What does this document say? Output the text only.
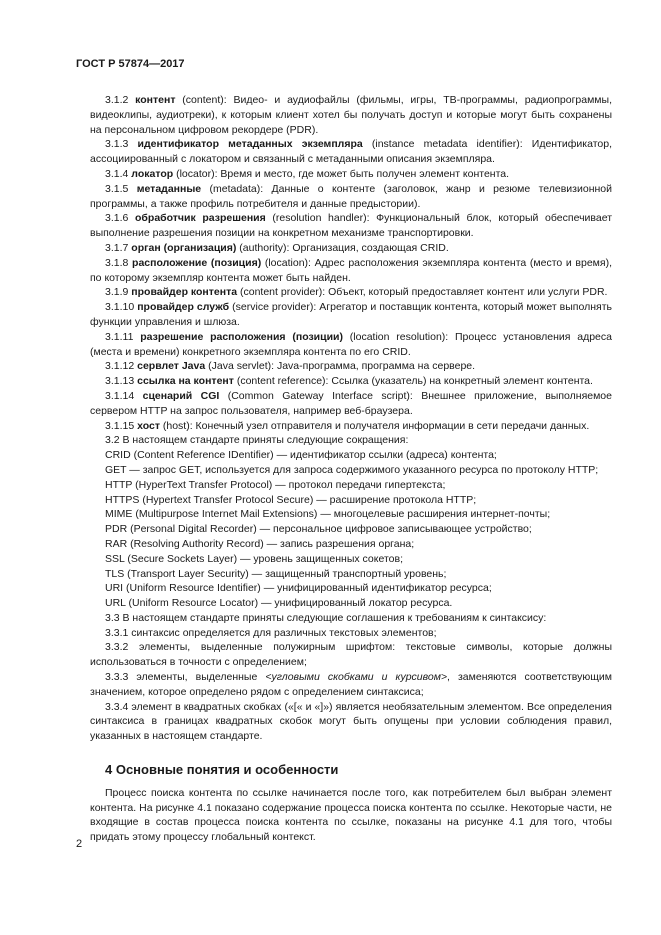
ГОСТ Р 57874—2017

3.1.2 контент (content): Видео- и аудиофайлы (фильмы, игры, ТВ-программы, радиопрограммы, видеоклипы, аудиотреки), к которым клиент хотел бы получать доступ и которые могут быть сохранены на персональном цифровом рекордере (PDR).

3.1.3 идентификатор метаданных экземпляра (instance metadata identifier): Идентификатор, ассоциированный с локатором и связанный с метаданными описания экземпляра.

3.1.4 локатор (locator): Время и место, где может быть получен элемент контента.

3.1.5 метаданные (metadata): Данные о контенте (заголовок, жанр и резюме телевизионной программы, а также профиль потребителя и данные предыстории).

3.1.6 обработчик разрешения (resolution handler): Функциональный блок, который обеспечивает выполнение разрешения позиции на конкретном механизме транспортировки.

3.1.7 орган (организация) (authority): Организация, создающая CRID.

3.1.8 расположение (позиция) (location): Адрес расположения экземпляра контента (место и время), по которому экземпляр контента может быть найден.

3.1.9 провайдер контента (content provider): Объект, который предоставляет контент или услуги PDR.

3.1.10 провайдер служб (service provider): Агрегатор и поставщик контента, который может выполнять функции управления и шлюза.

3.1.11 разрешение расположения (позиции) (location resolution): Процесс установления адреса (места и времени) конкретного экземпляра контента по его CRID.

3.1.12 сервлет Java (Java servlet): Java-программа, программа на сервере.

3.1.13 ссылка на контент (content reference): Ссылка (указатель) на конкретный элемент контента.

3.1.14 сценарий CGI (Common Gateway Interface script): Внешнее приложение, выполняемое сервером HTTP на запрос пользователя, например веб-браузера.

3.1.15 хост (host): Конечный узел отправителя и получателя информации в сети передачи данных.

3.2 В настоящем стандарте приняты следующие сокращения:

CRID (Content Reference IDentifier) — идентификатор ссылки (адреса) контента;

GET — запрос GET, используется для запроса содержимого указанного ресурса по протоколу HTTP;

HTTP (HyperText Transfer Protocol) — протокол передачи гипертекста;

HTTPS (Hypertext Transfer Protocol Secure) — расширение протокола HTTP;

MIME (Multipurpose Internet Mail Extensions) — многоцелевые расширения интернет-почты;

PDR (Personal Digital Recorder) — персональное цифровое записывающее устройство;

RAR (Resolving Authority Record) — запись разрешения органа;

SSL (Secure Sockets Layer) — уровень защищенных сокетов;

TLS (Transport Layer Security) — защищенный транспортный уровень;

URI (Uniform Resource Identifier) — унифицированный идентификатор ресурса;

URL (Uniform Resource Locator) — унифицированный локатор ресурса.

3.3 В настоящем стандарте приняты следующие соглашения к требованиям к синтаксису:

3.3.1 синтаксис определяется для различных текстовых элементов;

3.3.2 элементы, выделенные полужирным шрифтом: текстовые символы, которые должны использоваться в точности с определением;

3.3.3 элементы, выделенные <угловыми скобками и курсивом>, заменяются соответствующим значением, которое определено рядом с определением синтаксиса;

3.3.4 элемент в квадратных скобках («[« и «]») является необязательным элементом. Все определения синтаксиса в границах квадратных скобок могут быть опущены при условии соблюдения правил, указанных в настоящем стандарте.

4 Основные понятия и особенности

Процесс поиска контента по ссылке начинается после того, как потребителем был выбран элемент контента. На рисунке 4.1 показано содержание процесса поиска контента по ссылке. Некоторые части, не входящие в состав процесса поиска контента по ссылке, показаны на рисунке 4.1 для того, чтобы придать этому процессу глобальный контекст.

2
